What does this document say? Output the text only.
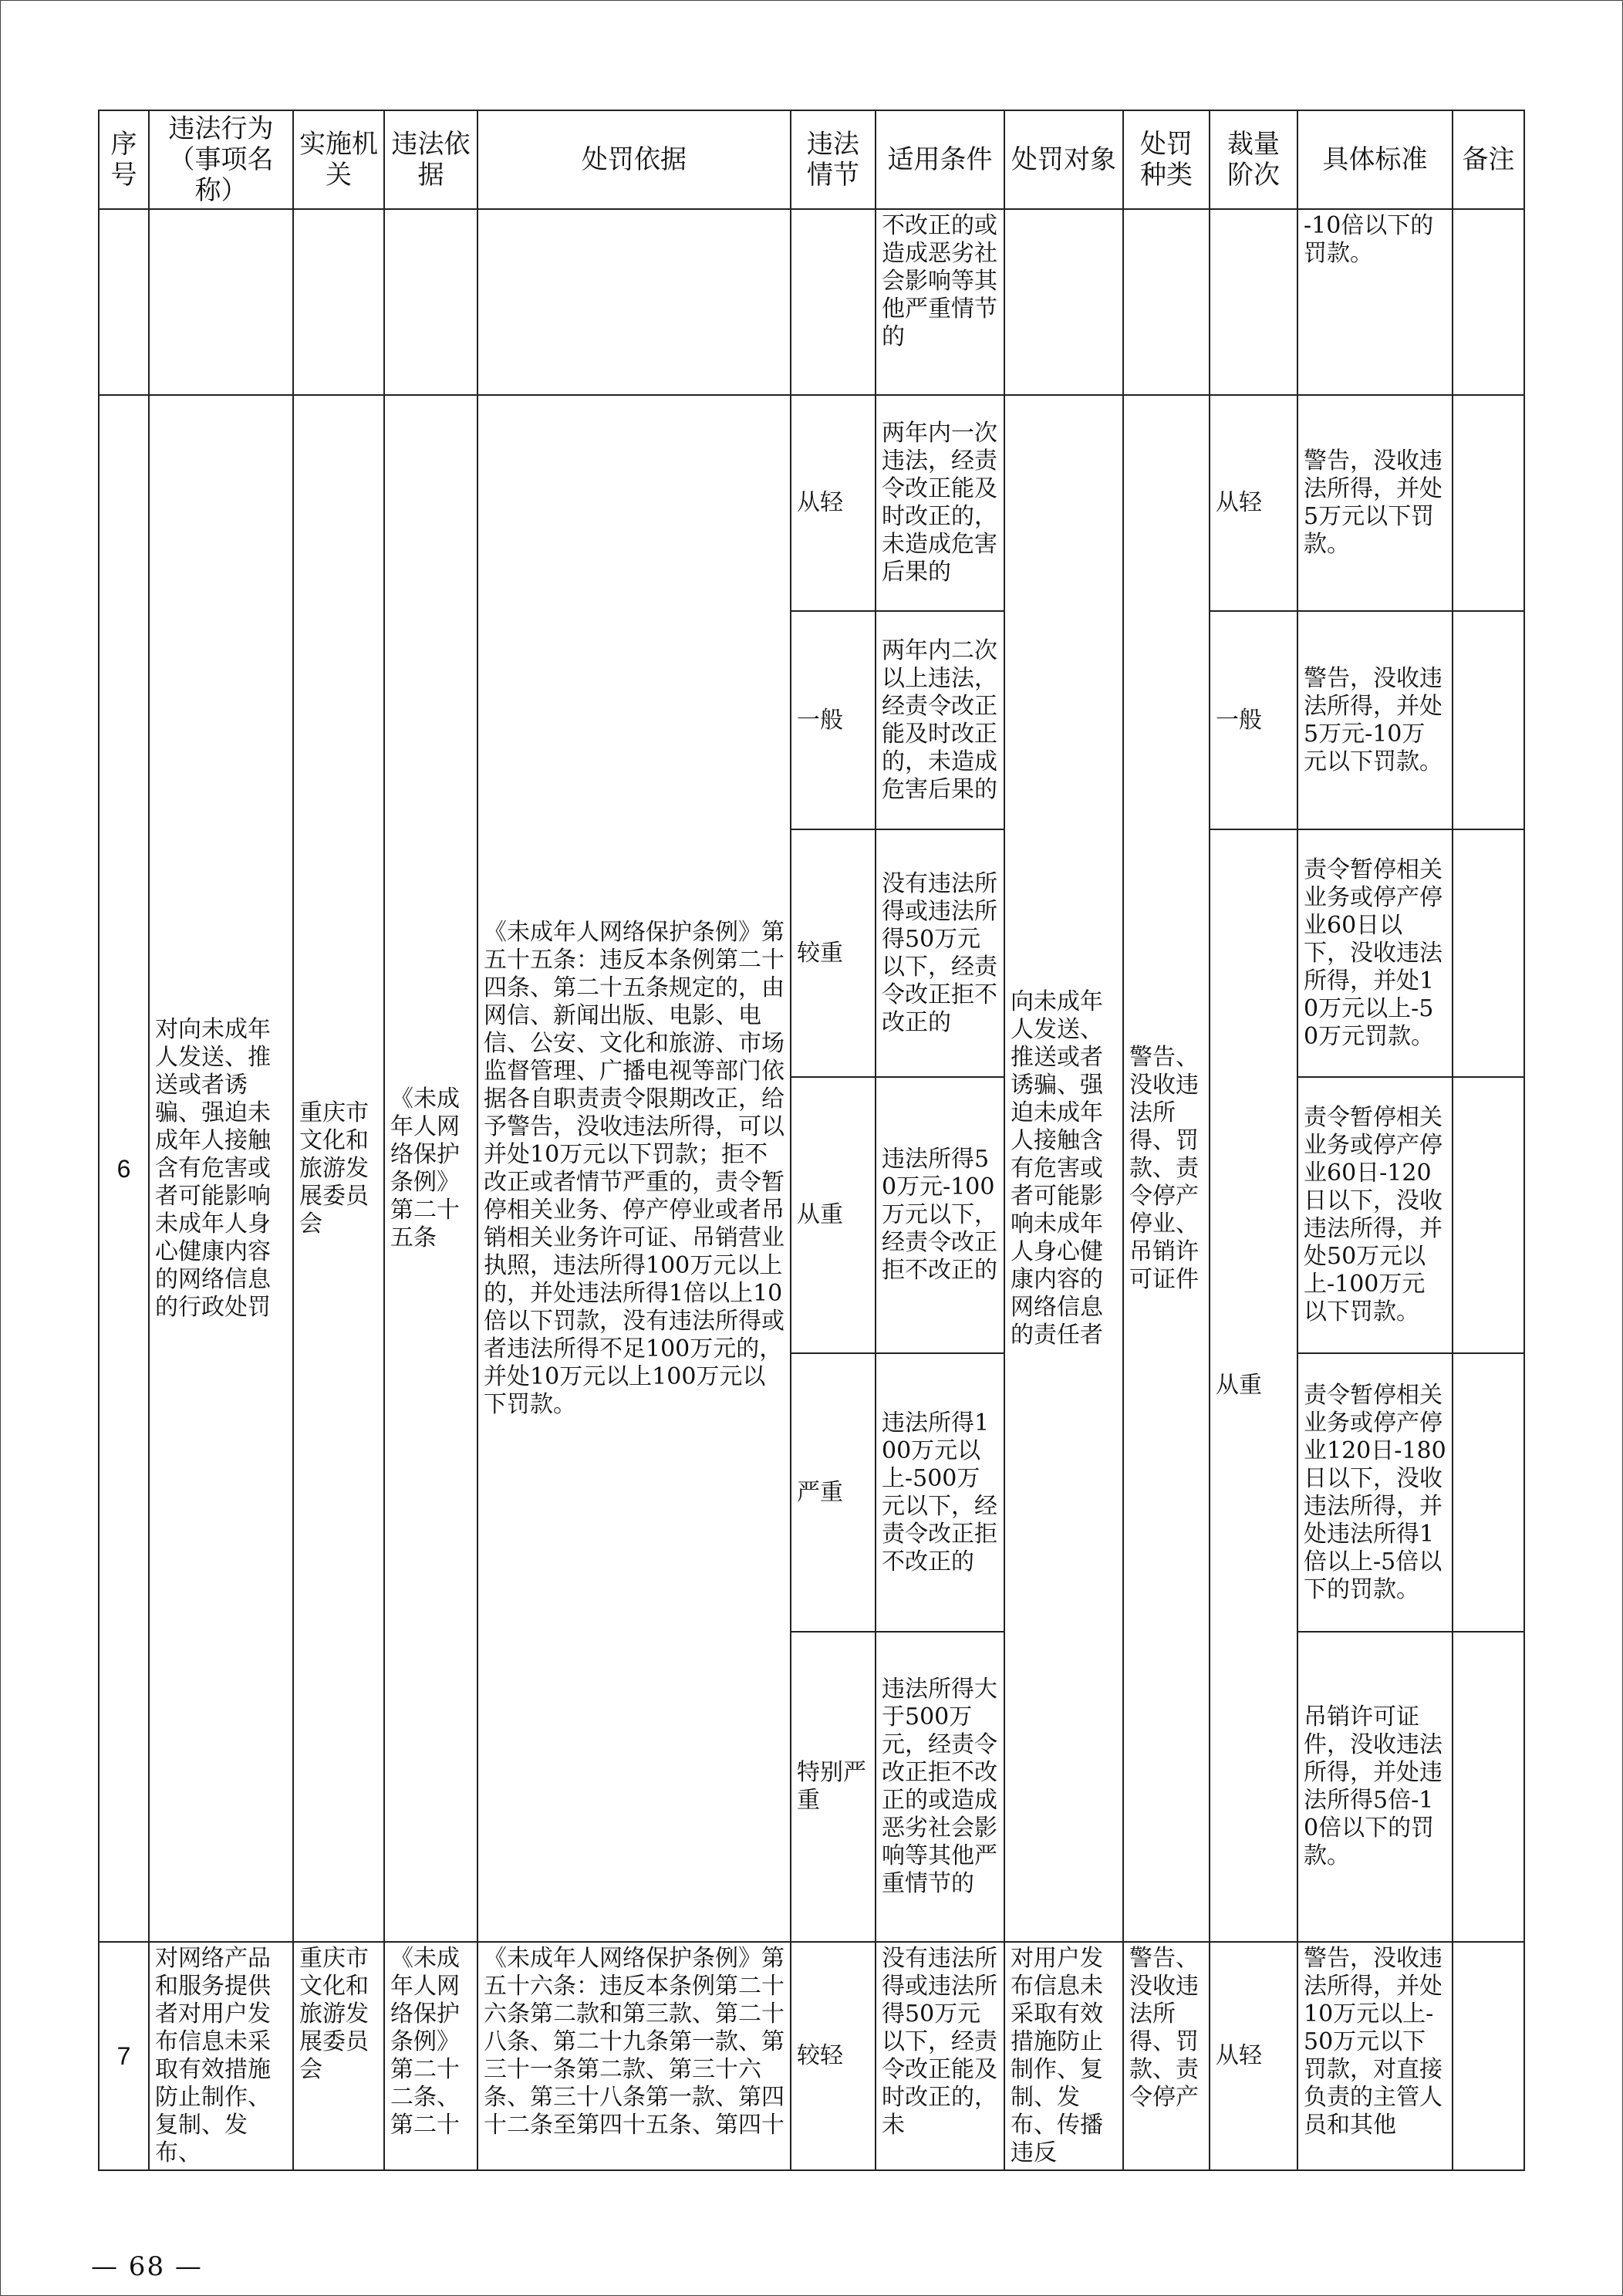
序号	违法行为（事项名称）	实施机关	违法依据	处罚依据	违法情节	适用条件	处罚对象	处罚种类	裁量阶次	具体标准	备注
						不改正的或造成恶劣社会影响等其他严重情节的				-10倍以下的罚款。	
6	对向未成年人发送、推送或者诱骗、强迫未成年人接触含有危害或者可能影响未成年人身心健康内容的网络信息的行政处罚	重庆市文化和旅游发展委员会	《未成年人网络保护条例》第二十五条	《未成年人网络保护条例》第五十五条：违反本条例第二十四条、第二十五条规定的，由网信、新闻出版、电影、电信、公安、文化和旅游、市场监督管理、广播电视等部门依据各自职责责令限期改正，给予警告，没收违法所得，可以并处10万元以下罚款；拒不改正或者情节严重的，责令暂停相关业务、停产停业或者吊销相关业务许可证、吊销营业执照，违法所得100万元以上的，并处违法所得1倍以上10倍以下罚款，没有违法所得或者违法所得不足100万元的，并处10万元以上100万元以下罚款。	从轻	两年内一次违法，经责令改正能及时改正的，未造成危害后果的	向未成年人发送、推送或者诱骗、强迫未成年人接触含有危害或者可能影响未成年人身心健康内容的网络信息的责任者	警告、没收违法所得、罚款、责令停产停业、吊销许可证件	从轻	警告，没收违法所得，并处5万元以下罚款。	
					一般	两年内二次以上违法，经责令改正能及时改正的，未造成危害后果的			一般	警告，没收违法所得，并处5万元-10万元以下罚款。	
					较重	没有违法所得或违法所得50万元以下，经责令改正拒不改正的			从重	责令暂停相关业务或停产停业60日以下，没收违法所得，并处10万元以上-50万元罚款。	
					从重	违法所得50万元-100万元以下，经责令改正拒不改正的				责令暂停相关业务或停产停业60日-120日以下，没收违法所得，并处50万元以上-100万元以下罚款。	
					严重	违法所得100万元以上-500万元以下，经责令改正拒不改正的				责令暂停相关业务或停产停业120日-180日以下，没收违法所得，并处违法所得1倍以上-5倍以下的罚款。	
					特别严重	违法所得大于500万元，经责令改正拒不改正的或造成恶劣社会影响等其他严重情节的				吊销许可证件，没收违法所得，并处违法所得5倍-10倍以下的罚款。	
7	对网络产品和服务提供者对用户发布信息未采取有效措施防止制作、复制、发布、	重庆市文化和旅游发展委员会	《未成年人网络保护条例》第二十二条、第二十	《未成年人网络保护条例》第五十六条：违反本条例第二十六条第二款和第三款、第二十八条、第二十九条第一款、第三十一条第二款、第三十六条、第三十八条第一款、第四十二条至第四十五条、第四十	较轻	没有违法所得或违法所得50万元以下，经责令改正能及时改正的，未	对用户发布信息未采取有效措施防止制作、复制、发布、传播违反	警告、没收违法所得、罚款、责令停产	从轻	警告，没收违法所得，并处10万元以上-50万元以下罚款，对直接负责的主管人员和其他	
— 68 —
